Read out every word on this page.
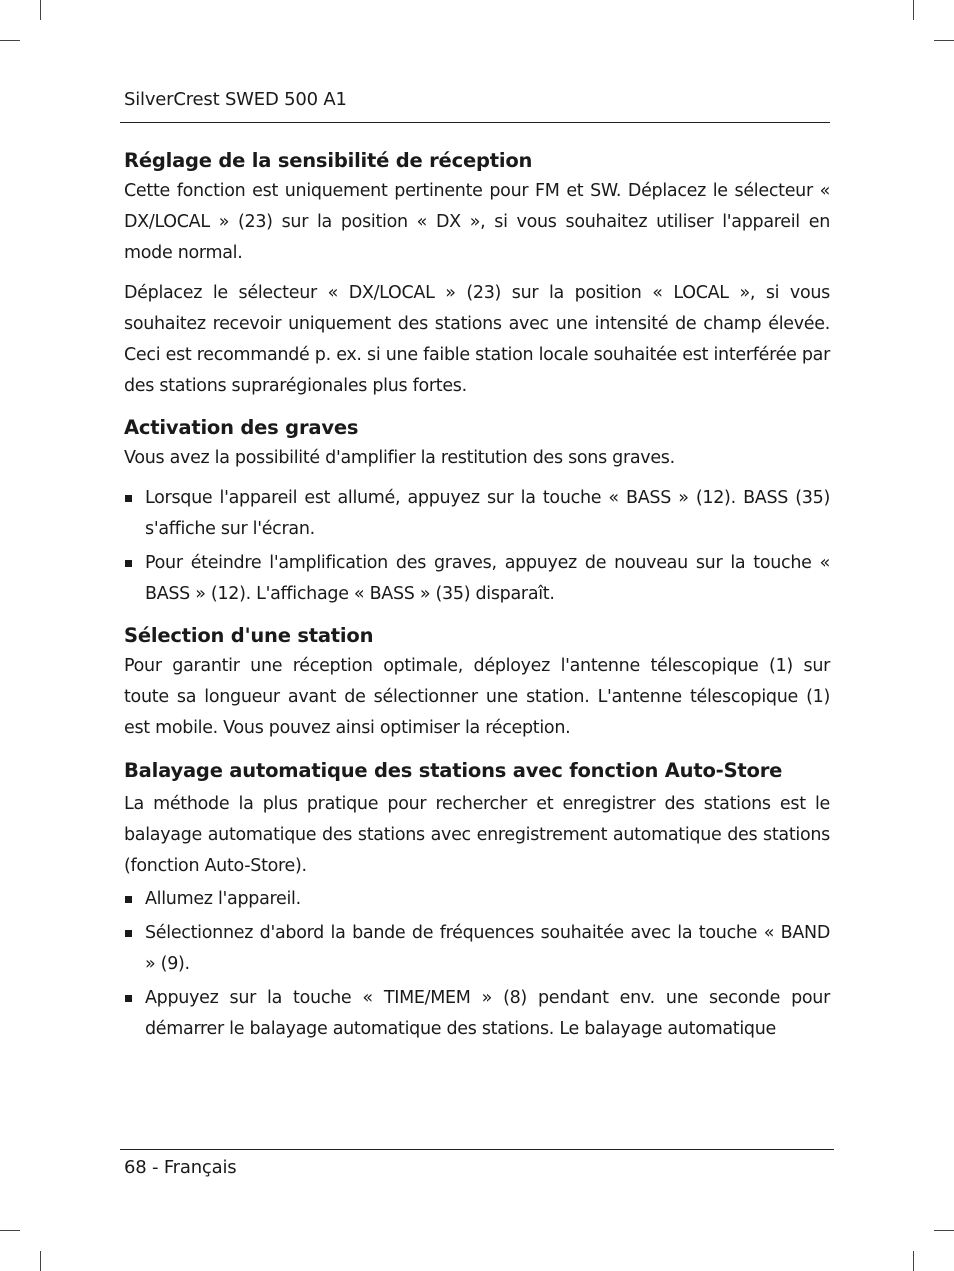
SilverCrest SWED 500 A1
Réglage de la sensibilité de réception

Cette fonction est uniquement pertinente pour FM et SW. Déplacez le sélecteur « DX/LOCAL » (23) sur la position « DX », si vous souhaitez utiliser l'appareil en mode normal.

Déplacez le sélecteur « DX/LOCAL » (23) sur la position « LOCAL », si vous souhaitez recevoir uniquement des stations avec une intensité de champ élevée. Ceci est recommandé p. ex. si une faible station locale souhaitée est interférée par des stations suprarégionales plus fortes.

Activation des graves

Vous avez la possibilité d'amplifier la restitution des sons graves.

Lorsque l'appareil est allumé, appuyez sur la touche « BASS » (12). BASS (35) s'affiche sur l'écran.
Pour éteindre l'amplification des graves, appuyez de nouveau sur la touche « BASS » (12). L'affichage « BASS » (35) disparaît.
Sélection d'une station

Pour garantir une réception optimale, déployez l'antenne télescopique (1) sur toute sa longueur avant de sélectionner une station. L'antenne télescopique (1) est mobile. Vous pouvez ainsi optimiser la réception.

Balayage automatique des stations avec fonction Auto-Store

La méthode la plus pratique pour rechercher et enregistrer des stations est le balayage automatique des stations avec enregistrement automatique des stations (fonction Auto-Store).

Allumez l'appareil.
Sélectionnez d'abord la bande de fréquences souhaitée avec la touche « BAND » (9).
Appuyez sur la touche « TIME/MEM » (8) pendant env. une seconde pour démarrer le balayage automatique des stations. Le balayage automatique
68 - Français
